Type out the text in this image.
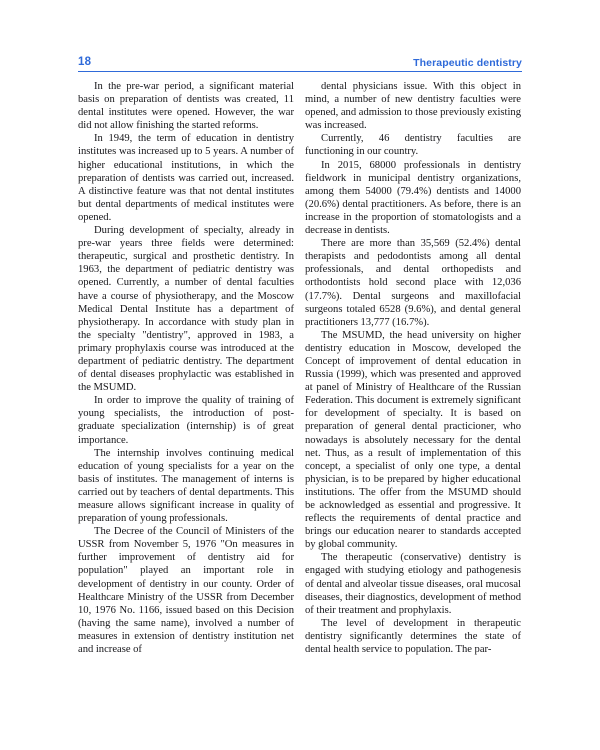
18	Therapeutic dentistry

In the pre-war period, a significant material basis on preparation of dentists was created, 11 dental institutes were opened. However, the war did not allow finishing the started reforms.

In 1949, the term of education in dentistry institutes was increased up to 5 years. A number of higher educational institutions, in which the preparation of dentists was carried out, increased. A distinctive feature was that not dental institutes but dental departments of medical institutes were opened.

During development of specialty, already in pre-war years three fields were determined: therapeutic, surgical and prosthetic dentistry. In 1963, the department of pediatric dentistry was opened. Currently, a number of dental faculties have a course of physiotherapy, and the Moscow Medical Dental Institute has a department of physiotherapy. In accordance with study plan in the specialty "dentistry", approved in 1983, a primary prophylaxis course was introduced at the department of pediatric dentistry. The department of dental diseases prophylactic was established in the MSUMD.

In order to improve the quality of training of young specialists, the introduction of post-graduate specialization (internship) is of great importance.

The internship involves continuing medical education of young specialists for a year on the basis of institutes. The management of interns is carried out by teachers of dental departments. This measure allows significant increase in quality of preparation of young professionals.

The Decree of the Council of Ministers of the USSR from November 5, 1976 "On measures in further improvement of dentistry aid for population" played an important role in development of dentistry in our county. Order of Healthcare Ministry of the USSR from December 10, 1976 No. 1166, issued based on this Decision (having the same name), involved a number of measures in extension of dentistry institution net and increase of

dental physicians issue. With this object in mind, a number of new dentistry faculties were opened, and admission to those previously existing was increased.

Currently, 46 dentistry faculties are functioning in our country.

In 2015, 68000 professionals in dentistry fieldwork in municipal dentistry organizations, among them 54000 (79.4%) dentists and 14000 (20.6%) dental practitioners. As before, there is an increase in the proportion of stomatologists and a decrease in dentists.

There are more than 35,569 (52.4%) dental therapists and pedodontists among all dental professionals, and dental orthopedists and orthodontists hold second place with 12,036 (17.7%). Dental surgeons and maxillofacial surgeons totaled 6528 (9.6%), and dental general practitioners 13,777 (16.7%).

The MSUMD, the head university on higher dentistry education in Moscow, developed the Concept of improvement of dental education in Russia (1999), which was presented and approved at panel of Ministry of Healthcare of the Russian Federation. This document is extremely significant for development of specialty. It is based on preparation of general dental practicioner, who nowadays is absolutely necessary for the dental net. Thus, as a result of implementation of this concept, a specialist of only one type, a dental physician, is to be prepared by higher educational institutions. The offer from the MSUMD should be acknowledged as essential and progressive. It reflects the requirements of dental practice and brings our education nearer to standards accepted by global community.

The therapeutic (conservative) dentistry is engaged with studying etiology and pathogenesis of dental and alveolar tissue diseases, oral mucosal diseases, their diagnostics, development of method of their treatment and prophylaxis.

The level of development in therapeutic dentistry significantly determines the state of dental health service to population. The par-
